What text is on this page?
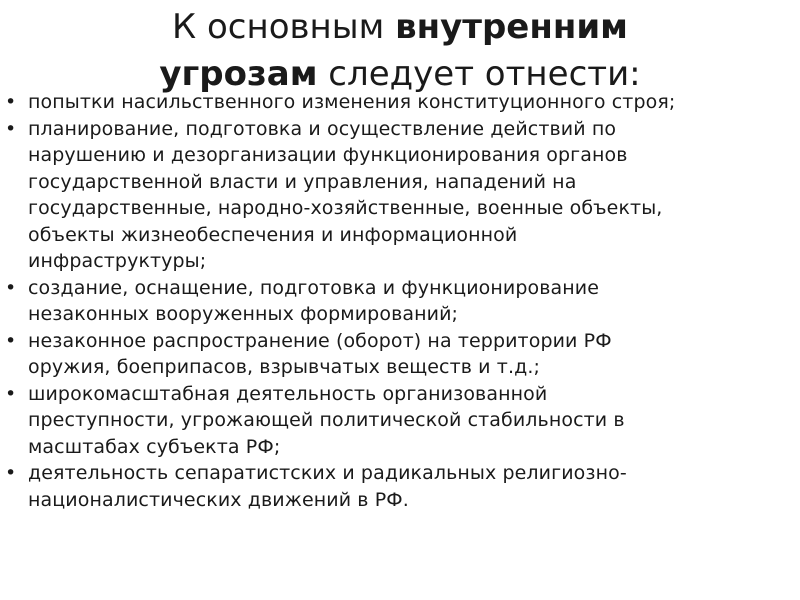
К основным внутренним
угрозам следует отнести:
• попытки насильственного изменения конституционного строя;
• планирование, подготовка и осуществление действий по
нарушению и дезорганизации функционирования органов
государственной власти и управления, нападений на
государственные, народно-хозяйственные, военные объекты,
объекты жизнеобеспечения и информационной
инфраструктуры;
• создание, оснащение, подготовка и функционирование
незаконных вооруженных формирований;
• незаконное распространение (оборот) на территории РФ
оружия, боеприпасов, взрывчатых веществ и т.д.;
• широкомасштабная деятельность организованной
преступности, угрожающей политической стабильности в
масштабах субъекта РФ;
• деятельность сепаратистских и радикальных религиозно-
националистических движений в РФ.
